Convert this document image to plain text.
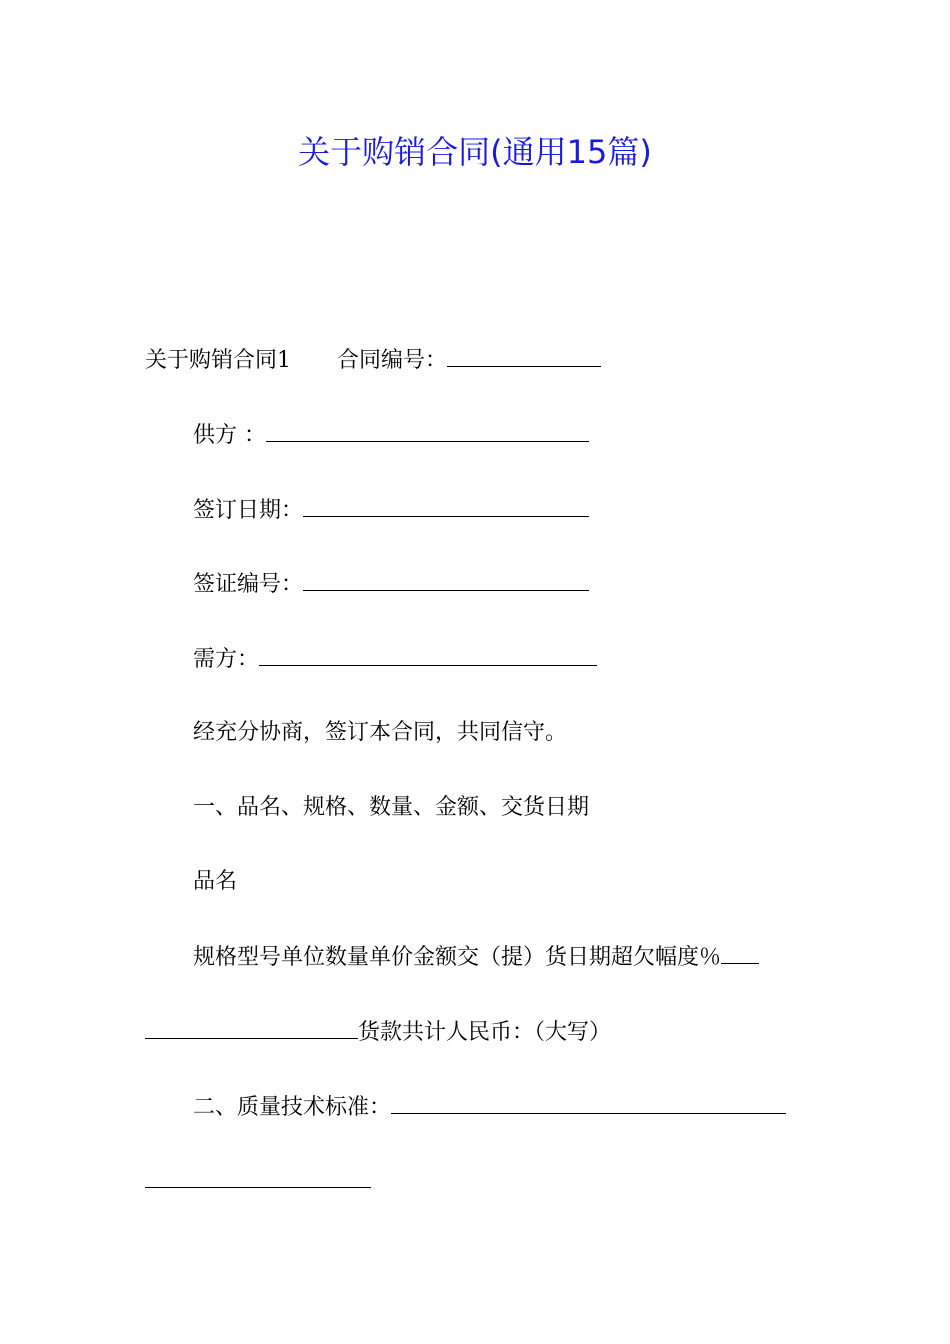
关于购销合同(通用15篇)
关于购销合同1 合同编号：
供方 ：
签订日期：
签证编号：
需方：
经充分协商，签订本合同，共同信守。
一、品名、规格、数量、金额、交货日期
品名
规格型号单位数量单价金额交（提）货日期超欠幅度％
货款共计人民币：（大写）
二、质量技术标准：
